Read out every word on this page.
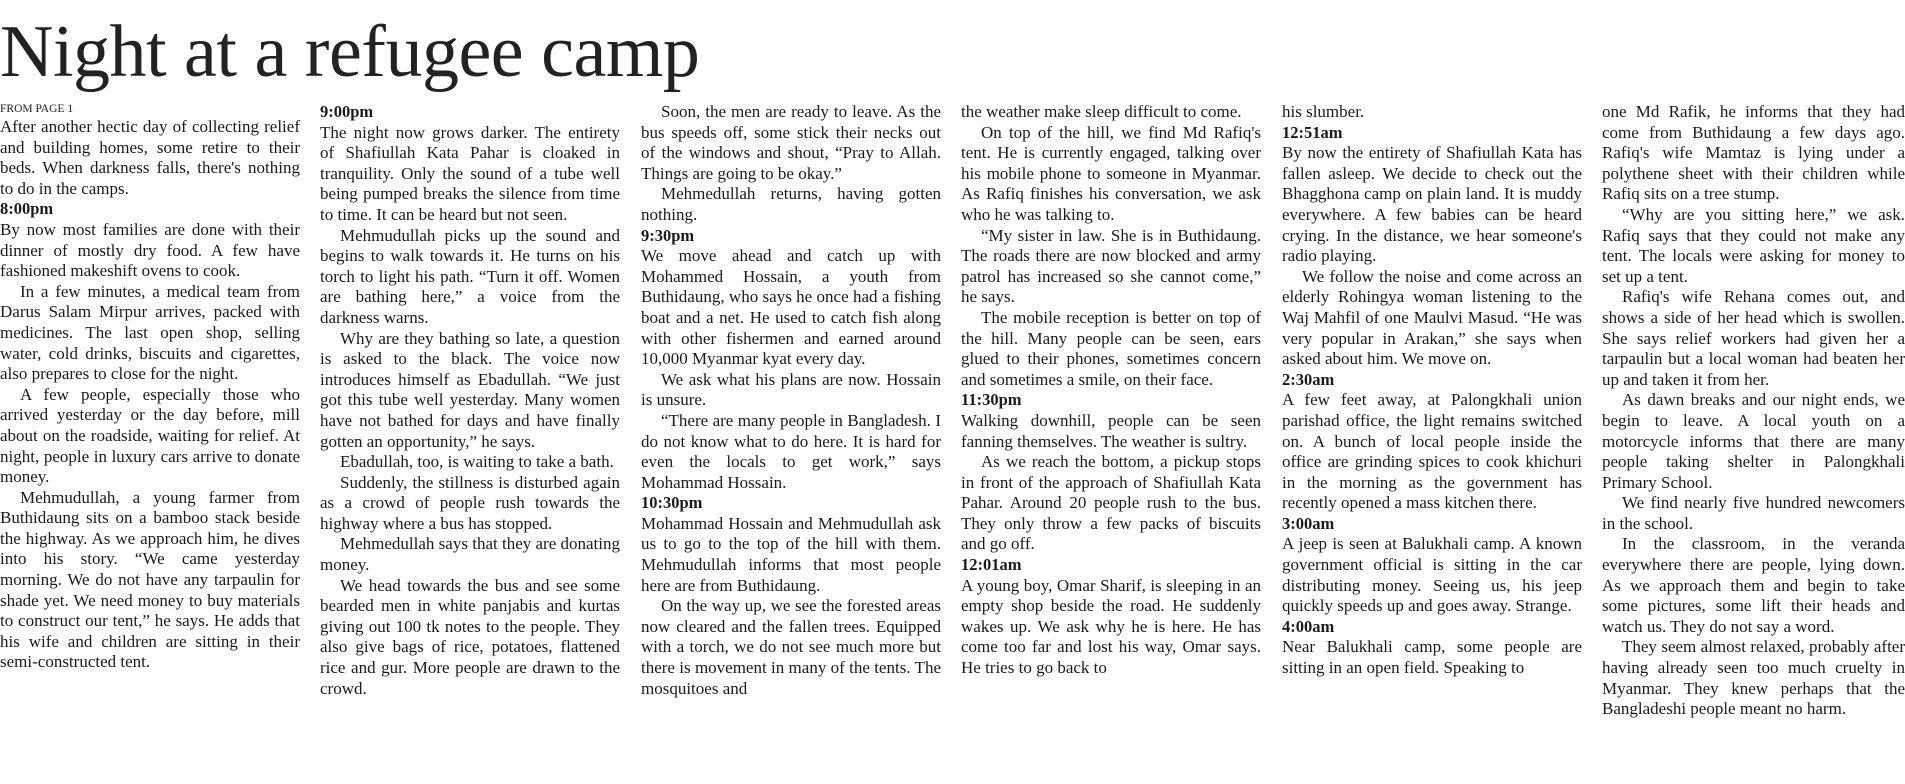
Night at a refugee camp
FROM PAGE 1

After another hectic day of collecting relief and building homes, some retire to their beds. When darkness falls, there's nothing to do in the camps.

8:00pm

By now most families are done with their dinner of mostly dry food. A few have fashioned makeshift ovens to cook.

In a few minutes, a medical team from Darus Salam Mirpur arrives, packed with medicines. The last open shop, selling water, cold drinks, biscuits and cigarettes, also prepares to close for the night.

A few people, especially those who arrived yesterday or the day before, mill about on the roadside, waiting for relief. At night, people in luxury cars arrive to donate money.

Mehmudullah, a young farmer from Buthidaung sits on a bamboo stack beside the highway. As we approach him, he dives into his story. “We came yesterday morning. We do not have any tarpaulin for shade yet. We need money to buy materials to construct our tent,” he says. He adds that his wife and children are sitting in their semi-constructed tent.

9:00pm

The night now grows darker. The entirety of Shafiullah Kata Pahar is cloaked in tranquility. Only the sound of a tube well being pumped breaks the silence from time to time. It can be heard but not seen.

Mehmudullah picks up the sound and begins to walk towards it. He turns on his torch to light his path. “Turn it off. Women are bathing here,” a voice from the darkness warns.

Why are they bathing so late, a question is asked to the black. The voice now introduces himself as Ebadullah. “We just got this tube well yesterday. Many women have not bathed for days and have finally gotten an opportunity,” he says.

Ebadullah, too, is waiting to take a bath.

Suddenly, the stillness is disturbed again as a crowd of people rush towards the highway where a bus has stopped.

Mehmedullah says that they are donating money.

We head towards the bus and see some bearded men in white panjabis and kurtas giving out 100 tk notes to the people. They also give bags of rice, potatoes, flattened rice and gur. More people are drawn to the crowd.

Soon, the men are ready to leave. As the bus speeds off, some stick their necks out of the windows and shout, “Pray to Allah. Things are going to be okay.”

Mehmedullah returns, having gotten nothing.

9:30pm

We move ahead and catch up with Mohammed Hossain, a youth from Buthidaung, who says he once had a fishing boat and a net. He used to catch fish along with other fishermen and earned around 10,000 Myanmar kyat every day.

We ask what his plans are now. Hossain is unsure.

“There are many people in Bangladesh. I do not know what to do here. It is hard for even the locals to get work,” says Mohammad Hossain.

10:30pm

Mohammad Hossain and Mehmudullah ask us to go to the top of the hill with them. Mehmudullah informs that most people here are from Buthidaung.

On the way up, we see the forested areas now cleared and the fallen trees. Equipped with a torch, we do not see much more but there is movement in many of the tents. The mosquitoes and

the weather make sleep difficult to come.

On top of the hill, we find Md Rafiq's tent. He is currently engaged, talking over his mobile phone to someone in Myanmar. As Rafiq finishes his conversation, we ask who he was talking to.

“My sister in law. She is in Buthidaung. The roads there are now blocked and army patrol has increased so she cannot come,” he says.

The mobile reception is better on top of the hill. Many people can be seen, ears glued to their phones, sometimes concern and sometimes a smile, on their face.

11:30pm

Walking downhill, people can be seen fanning themselves. The weather is sultry.

As we reach the bottom, a pickup stops in front of the approach of Shafiullah Kata Pahar. Around 20 people rush to the bus. They only throw a few packs of biscuits and go off.

12:01am

A young boy, Omar Sharif, is sleeping in an empty shop beside the road. He suddenly wakes up. We ask why he is here. He has come too far and lost his way, Omar says. He tries to go back to

his slumber.

12:51am

By now the entirety of Shafiullah Kata has fallen asleep. We decide to check out the Bhagghona camp on plain land. It is muddy everywhere. A few babies can be heard crying. In the distance, we hear someone's radio playing.

We follow the noise and come across an elderly Rohingya woman listening to the Waj Mahfil of one Maulvi Masud. “He was very popular in Arakan,” she says when asked about him. We move on.

2:30am

A few feet away, at Palongkhali union parishad office, the light remains switched on. A bunch of local people inside the office are grinding spices to cook khichuri in the morning as the government has recently opened a mass kitchen there.

3:00am

A jeep is seen at Balukhali camp. A known government official is sitting in the car distributing money. Seeing us, his jeep quickly speeds up and goes away. Strange.

4:00am

Near Balukhali camp, some people are sitting in an open field. Speaking to

one Md Rafik, he informs that they had come from Buthidaung a few days ago. Rafiq's wife Mamtaz is lying under a polythene sheet with their children while Rafiq sits on a tree stump.

“Why are you sitting here,” we ask. Rafiq says that they could not make any tent. The locals were asking for money to set up a tent.

Rafiq's wife Rehana comes out, and shows a side of her head which is swollen. She says relief workers had given her a tarpaulin but a local woman had beaten her up and taken it from her.

As dawn breaks and our night ends, we begin to leave. A local youth on a motorcycle informs that there are many people taking shelter in Palongkhali Primary School.

We find nearly five hundred newcomers in the school.

In the classroom, in the veranda everywhere there are people, lying down. As we approach them and begin to take some pictures, some lift their heads and watch us. They do not say a word.

They seem almost relaxed, probably after having already seen too much cruelty in Myanmar. They knew perhaps that the Bangladeshi people meant no harm.
